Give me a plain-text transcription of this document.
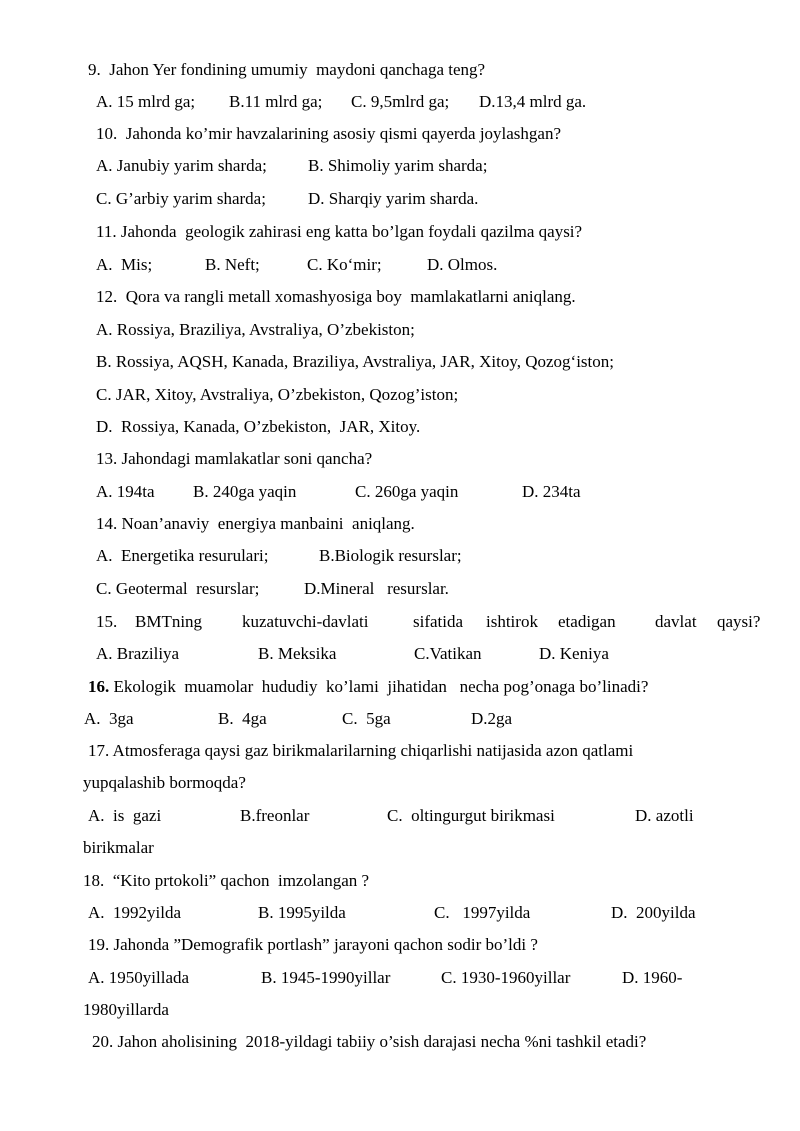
9.  Jahon Yer fondining umumiy  maydoni qanchaga teng?

A. 15 mlrd ga;

B.11 mlrd ga;

C. 9,5mlrd ga;

D.13,4 mlrd ga.

10.  Jahonda ko’mir havzalarining asosiy qismi qayerda joylashgan?

A. Janubiy yarim sharda;

B. Shimoliy yarim sharda;

C. G’arbiy yarim sharda;

D. Sharqiy yarim sharda.

11. Jahonda  geologik zahirasi eng katta bo’lgan foydali qazilma qaysi?

A.  Mis;

	B. Neft;

	C. Ko‘mir;

	D. Olmos.

12.  Qora va rangli metall xomashyosiga boy  mamlakatlarni aniqlang.
A. Rossiya, Braziliya, Avstraliya, O’zbekiston;
B. Rossiya, AQSH, Kanada, Braziliya, Avstraliya, JAR, Xitoy, Qozog‘iston;
C. JAR, Xitoy, Avstraliya, O’zbekiston, Qozog’iston;
D.  Rossiya, Kanada, O’zbekiston,  JAR, Xitoy.
13. Jahondagi mamlakatlar soni qancha?

A. 194ta

B. 240ga yaqin

	C. 260ga yaqin

	D. 234ta

14. Noan’anaviy  energiya manbaini  aniqlang.

A.  Energetika resurulari;

	B.Biologik resurslar;

C. Geotermal  resurslar;

	D.Mineral   resurslar.

15.

BMTning

kuzatuvchi-davlati

	sifatida

ishtirok

etadigan

davlat

qaysi?

A. Braziliya

	B. Meksika

	C.Vatikan

	D. Keniya

16. Ekologik  muamolar  hududiy  ko’lami  jihatidan   necha pog’onaga bo’linadi?

A.  3ga

	B.  4ga

	C.  5ga

	D.2ga

17. Atmosferaga qaysi gaz birikmalarilarning chiqarlishi natijasida azon qatlami
yupqalashib bormoqda?

A.  is  gazi

	B.freonlar

	C.  oltingurgut birikmasi

	D. azotli

birikmalar
18.  “Kito prtokoli” qachon  imzolangan ?

A.  1992yilda

	B. 1995yilda

	C.   1997yilda

	D.  200yilda

19. Jahonda ”Demografik portlash” jarayoni qachon sodir bo’ldi ?

A. 1950yillada

	B. 1945-1990yillar

	C. 1930-1960yillar

	D. 1960-

1980yillarda
20. Jahon aholisining  2018-yildagi tabiiy o’sish darajasi necha %ni tashkil etadi?
